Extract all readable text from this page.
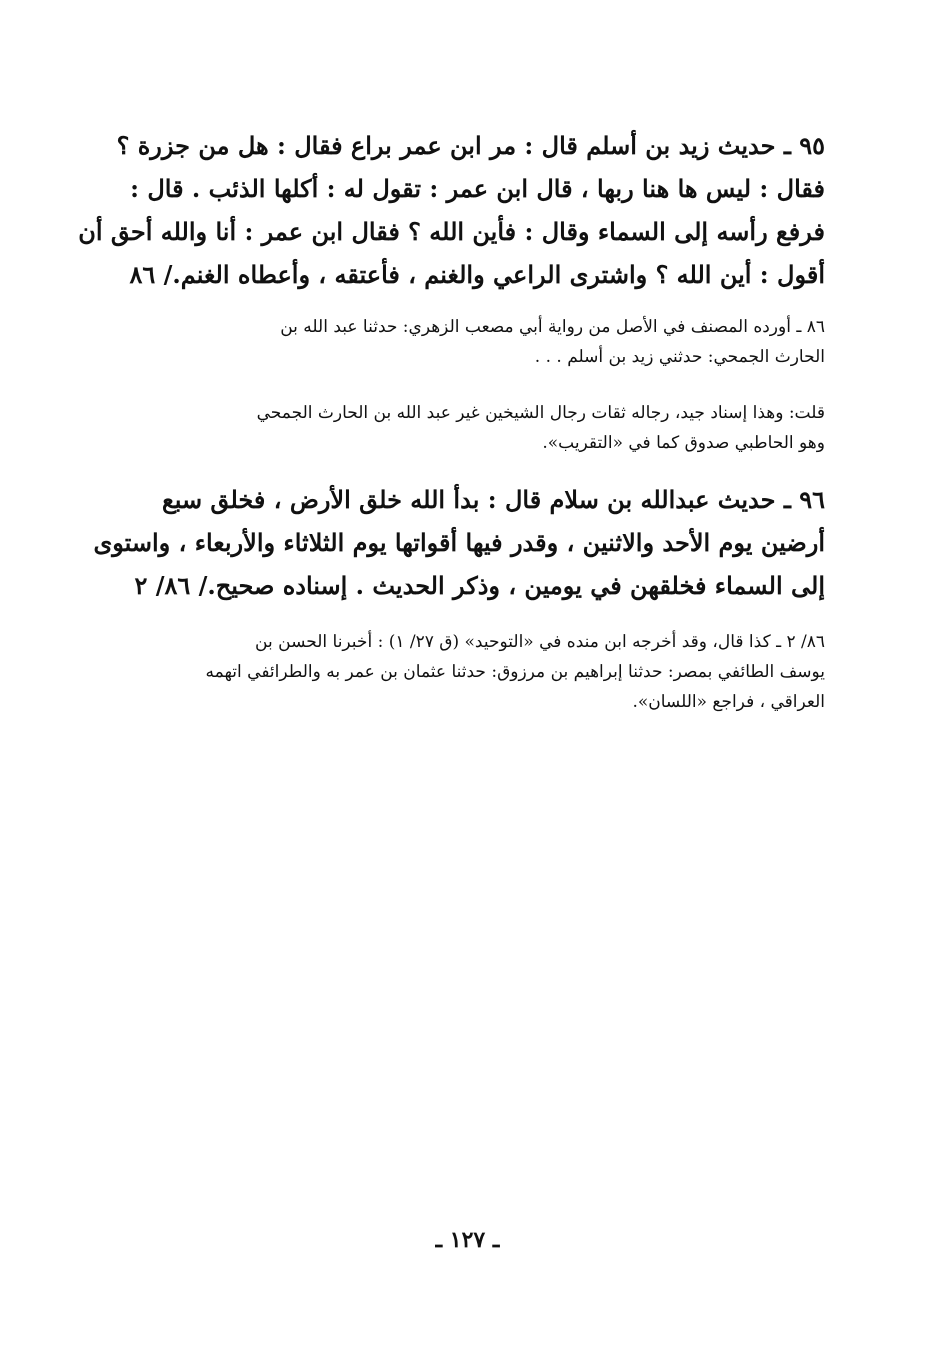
٩٥ ـ حديث زيد بن أسلم قال : مر ابن عمر براع فقال : هل من جزرة ؟
فقال : ليس ها هنا ربها ، قال ابن عمر : تقول له : أكلها الذئب . قال :
فرفع رأسه إلى السماء وقال : فأين الله ؟ فقال ابن عمر : أنا والله أحق أن
أقول : أين الله ؟ واشترى الراعي والغنم ، فأعتقه ، وأعطاه الغنم./ ٨٦
٨٦ ـ أورده المصنف في الأصل من رواية أبي مصعب الزهري: حدثنا عبد الله بن
الحارث الجمحي: حدثني زيد بن أسلم . . .
قلت: وهذا إسناد جيد، رجاله ثقات رجال الشيخين غير عبد الله بن الحارث الجمحي
وهو الحاطبي صدوق كما في «التقريب».
٩٦ ـ حديث عبدالله بن سلام قال : بدأ الله خلق الأرض ، فخلق سبع
أرضين يوم الأحد والاثنين ، وقدر فيها أقواتها يوم الثلاثاء والأربعاء ، واستوى
إلى السماء فخلقهن في يومين ، وذكر الحديث . إسناده صحيح./ ٨٦/ ٢
٨٦/ ٢ ـ كذا قال، وقد أخرجه ابن منده في «التوحيد» (ق ٢٧/ ١) : أخبرنا الحسن بن
يوسف الطائفي بمصر: حدثنا إبراهيم بن مرزوق: حدثنا عثمان بن عمر به والطرائفي اتهمه
العراقي ، فراجع «اللسان».
ـ ١٢٧ ـ
